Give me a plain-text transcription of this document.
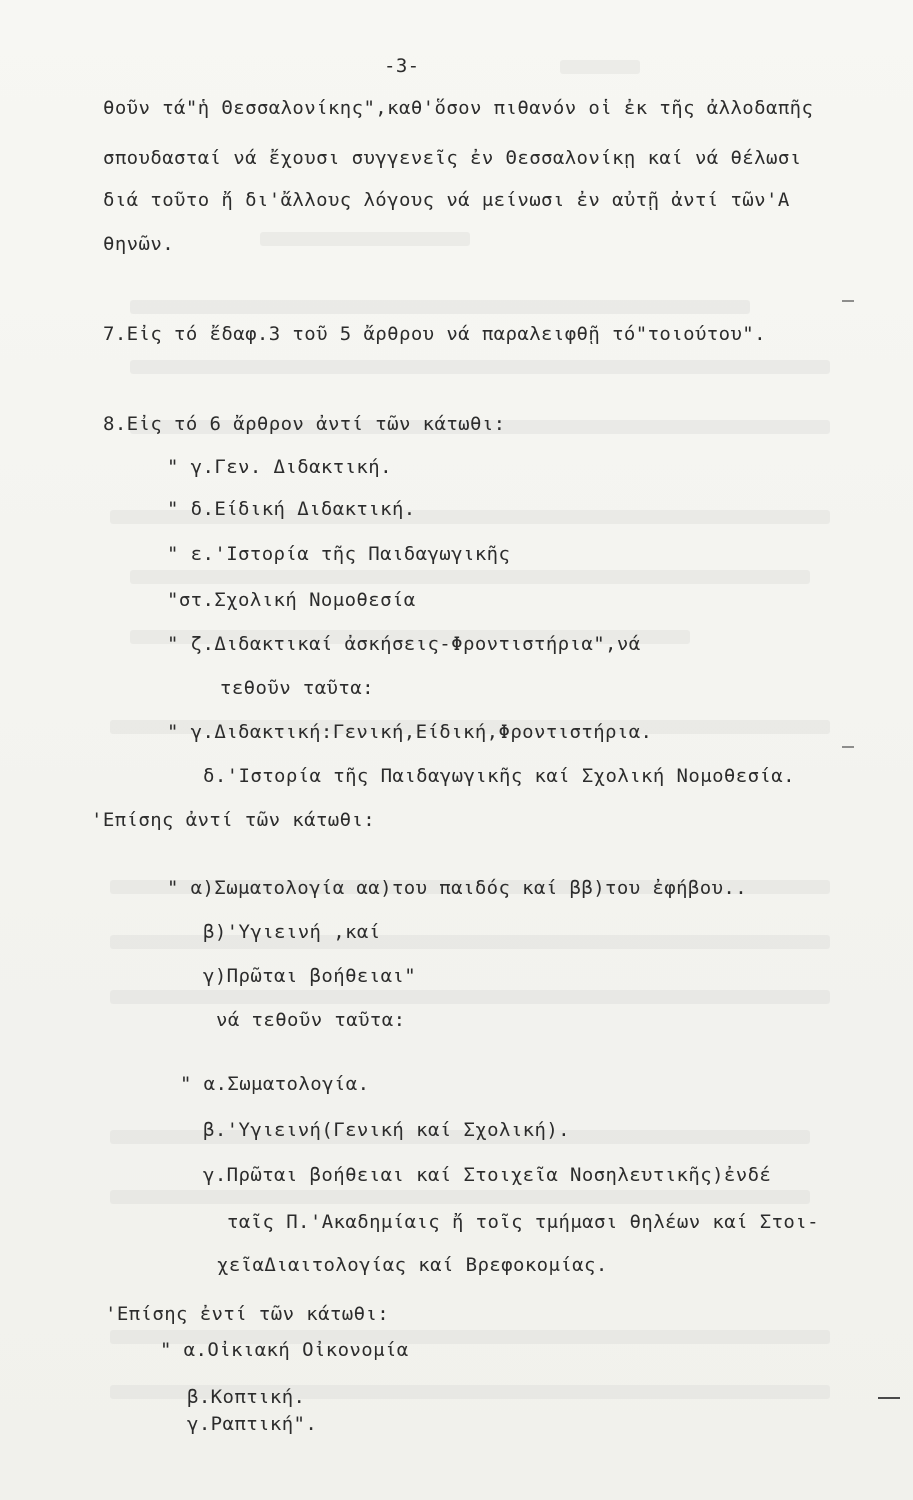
-3-
θοῦν τά"ἡ Θεσσαλονίκης",καθ'ὅσον πιθανόν οἱ ἐκ τῆς ἀλλοδαπῆς
σπουδασταί νά ἔχουσι συγγενεῖς ἐν Θεσσαλονίκῃ καί νά θέλωσι
διά τοῦτο ἤ δι'ἄλλους λόγους νά μείνωσι ἐν αὐτῇ ἀντί τῶν'Α
θηνῶν.
7.Εἰς τό ἔδαφ.3 τοῦ 5 ἄρθρου νά παραλειφθῇ τό"τοιούτου".
8.Εἰς τό 6 ἄρθρον ἀντί τῶν κάτωθι:
" γ.Γεν. Διδακτική.
" δ.Είδική Διδακτική.
" ε.'Ιστορία τῆς Παιδαγωγικῆς
"στ.Σχολική Νομοθεσία
" ζ.Διδακτικαί ἀσκήσεις-Φροντιστήρια",νά
τεθοῦν ταῦτα:
" γ.Διδακτική:Γενική,Είδική,Φροντιστήρια.
δ.'Ιστορία τῆς Παιδαγωγικῆς καί Σχολική Νομοθεσία.
'Επίσης ἀντί τῶν κάτωθι:
" α)Σωματολογία αα)του παιδός καί ββ)του ἐφήβου..
β)'Υγιεινή ,καί
γ)Πρῶται βοήθειαι"
νά τεθοῦν ταῦτα:
" α.Σωματολογία.
β.'Υγιεινή(Γενική καί Σχολική).
γ.Πρῶται βοήθειαι καί Στοιχεῖα Νοσηλευτικῆς)ἐνδέ
ταῖς Π.'Ακαδημίαις ἤ τοῖς τμήμασι θηλέων καί Στοι-
χεῖαΔιαιτολογίας καί Βρεφοκομίας.
'Επίσης ἐντί τῶν κάτωθι:
" α.Οἰκιακή Οἰκονομία
β.Κοπτική.
γ.Ραπτική".
